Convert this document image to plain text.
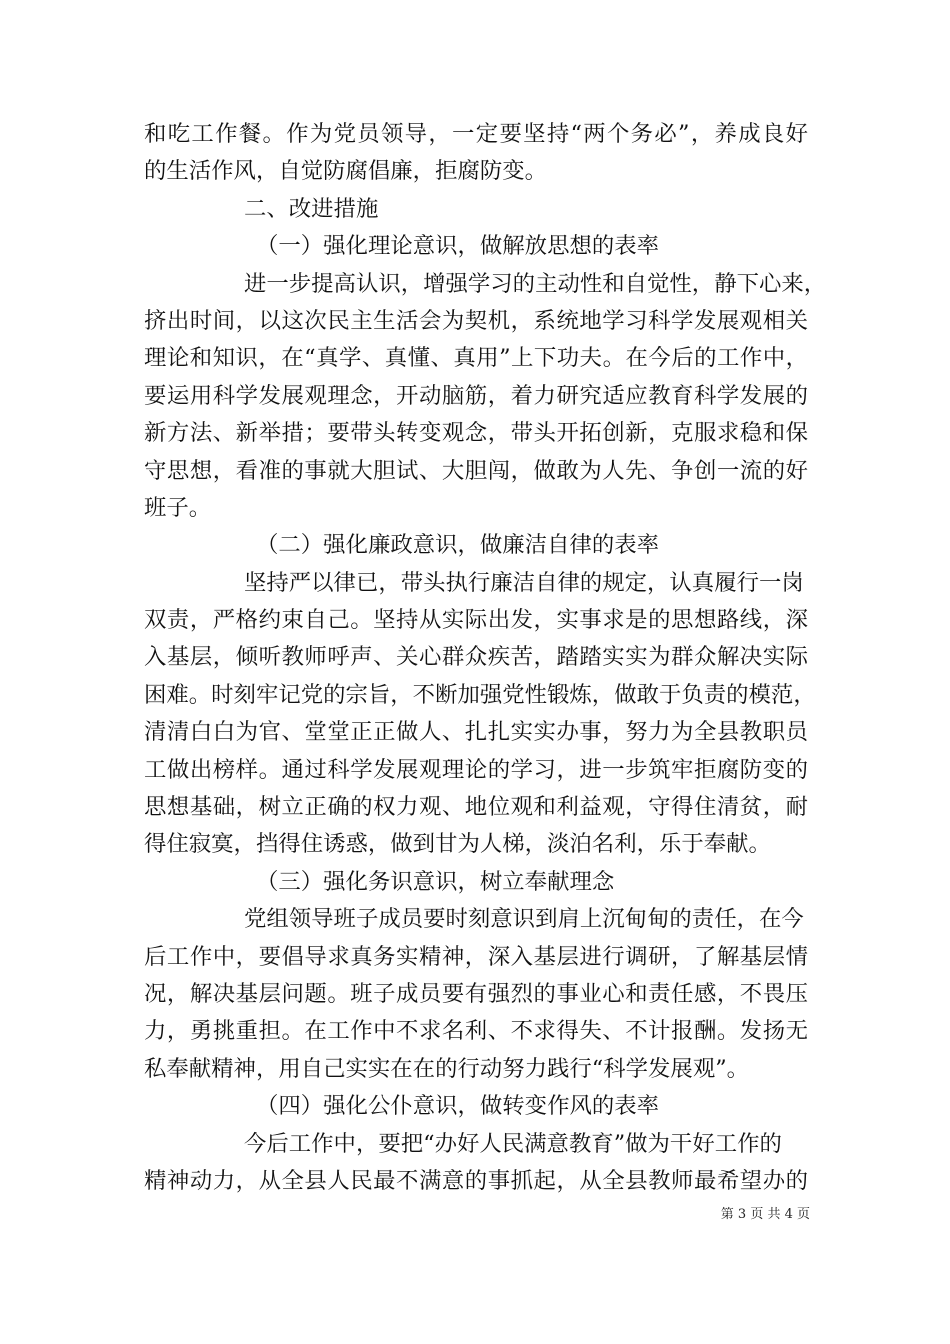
和吃工作餐。作为党员领导，一定要坚持“两个务必”，养成良好
的生活作风，自觉防腐倡廉，拒腐防变。
二、改进措施
（一）强化理论意识，做解放思想的表率
进一步提高认识，增强学习的主动性和自觉性，静下心来，
挤出时间，以这次民主生活会为契机，系统地学习科学发展观相关
理论和知识，在“真学、真懂、真用”上下功夫。在今后的工作中，
要运用科学发展观理念，开动脑筋，着力研究适应教育科学发展的
新方法、新举措；要带头转变观念，带头开拓创新，克服求稳和保
守思想，看准的事就大胆试、大胆闯，做敢为人先、争创一流的好
班子。
（二）强化廉政意识，做廉洁自律的表率
坚持严以律已，带头执行廉洁自律的规定，认真履行一岗
双责，严格约束自己。坚持从实际出发，实事求是的思想路线，深
入基层，倾听教师呼声、关心群众疾苦，踏踏实实为群众解决实际
困难。时刻牢记党的宗旨，不断加强党性锻炼，做敢于负责的模范，
清清白白为官、堂堂正正做人、扎扎实实办事，努力为全县教职员
工做出榜样。通过科学发展观理论的学习，进一步筑牢拒腐防变的
思想基础，树立正确的权力观、地位观和利益观，守得住清贫，耐
得住寂寞，挡得住诱惑，做到甘为人梯，淡泊名利，乐于奉献。
（三）强化务识意识，树立奉献理念
党组领导班子成员要时刻意识到肩上沉甸甸的责任，在今
后工作中，要倡导求真务实精神，深入基层进行调研，了解基层情
况，解决基层问题。班子成员要有强烈的事业心和责任感，不畏压
力，勇挑重担。在工作中不求名利、不求得失、不计报酬。发扬无
私奉献精神，用自己实实在在的行动努力践行“科学发展观”。
（四）强化公仆意识，做转变作风的表率
今后工作中，要把“办好人民满意教育”做为干好工作的
精神动力，从全县人民最不满意的事抓起，从全县教师最希望办的
第 3 页 共 4 页
